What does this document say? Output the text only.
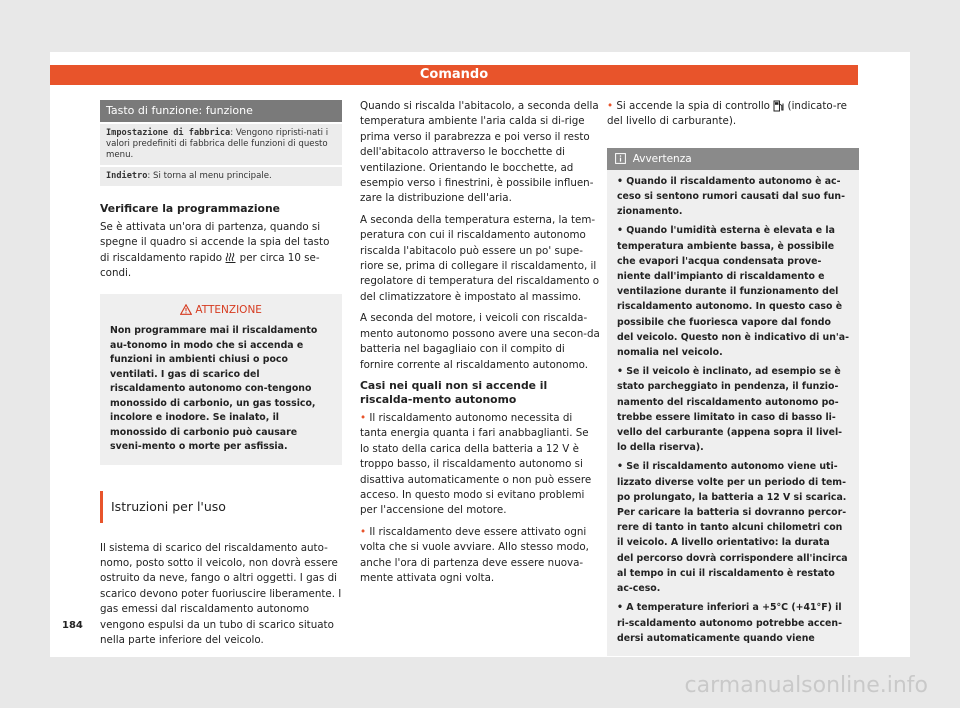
Comando
Tasto di funzione: funzione
Impostazione di fabbrica: Vengono ripristi-nati i valori predefiniti di fabbrica delle funzioni di questo menu.
Indietro: Si torna al menu principale.
Verificare la programmazione

Se è attivata un'ora di partenza, quando si spegne il quadro si accende la spia del tasto di riscaldamento rapido per circa 10 se-condi.

ATTENZIONE
Non programmare mai il riscaldamento au-tonomo in modo che si accenda e funzioni in ambienti chiusi o poco ventilati. I gas di scarico del riscaldamento autonomo con-tengono monossido di carbonio, un gas tossico, incolore e inodore. Se inalato, il monossido di carbonio può causare sveni-mento o morte per asfissia.
Istruzioni per l'uso

Il sistema di scarico del riscaldamento auto-nomo, posto sotto il veicolo, non dovrà essere ostruito da neve, fango o altri oggetti. I gas di scarico devono poter fuoriuscire liberamente. I gas emessi dal riscaldamento autonomo vengono espulsi da un tubo di scarico situato nella parte inferiore del veicolo.

Quando si riscalda l'abitacolo, a seconda della temperatura ambiente l'aria calda si di-rige prima verso il parabrezza e poi verso il resto dell'abitacolo attraverso le bocchette di ventilazione. Orientando le bocchette, ad esempio verso i finestrini, è possibile influen-zare la distribuzione dell'aria.

A seconda della temperatura esterna, la tem-peratura con cui il riscaldamento autonomo riscalda l'abitacolo può essere un po' supe-riore se, prima di collegare il riscaldamento, il regolatore di temperatura del riscaldamento o del climatizzatore è impostato al massimo.

A seconda del motore, i veicoli con riscalda-mento autonomo possono avere una secon-da batteria nel bagagliaio con il compito di fornire corrente al riscaldamento autonomo.

Casi nei quali non si accende il riscalda-mento autonomo

• Il riscaldamento autonomo necessita di tanta energia quanta i fari anabbaglianti. Se lo stato della carica della batteria a 12 V è troppo basso, il riscaldamento autonomo si disattiva automaticamente o non può essere acceso. In questo modo si evitano problemi per l'accensione del motore.

• Il riscaldamento deve essere attivato ogni volta che si vuole avviare. Allo stesso modo, anche l'ora di partenza deve essere nuova-mente attivata ogni volta.

• Si accende la spia di controllo (indicato-re del livello di carburante).

Avvertenza

• Quando il riscaldamento autonomo è ac-ceso si sentono rumori causati dal suo fun-zionamento.

• Quando l'umidità esterna è elevata e la temperatura ambiente bassa, è possibile che evapori l'acqua condensata prove-niente dall'impianto di riscaldamento e ventilazione durante il funzionamento del riscaldamento autonomo. In questo caso è possibile che fuoriesca vapore dal fondo del veicolo. Questo non è indicativo di un'a-nomalia nel veicolo.

• Se il veicolo è inclinato, ad esempio se è stato parcheggiato in pendenza, il funzio-namento del riscaldamento autonomo po-trebbe essere limitato in caso di basso li-vello del carburante (appena sopra il livel-lo della riserva).

• Se il riscaldamento autonomo viene uti-lizzato diverse volte per un periodo di tem-po prolungato, la batteria a 12 V si scarica. Per caricare la batteria si dovranno percor-rere di tanto in tanto alcuni chilometri con il veicolo. A livello orientativo: la durata del percorso dovrà corrispondere all'incirca al tempo in cui il riscaldamento è restato ac-ceso.

• A temperature inferiori a +5°C (+41°F) il ri-scaldamento autonomo potrebbe accen-dersi automaticamente quando viene

184
carmanualsonline.info
